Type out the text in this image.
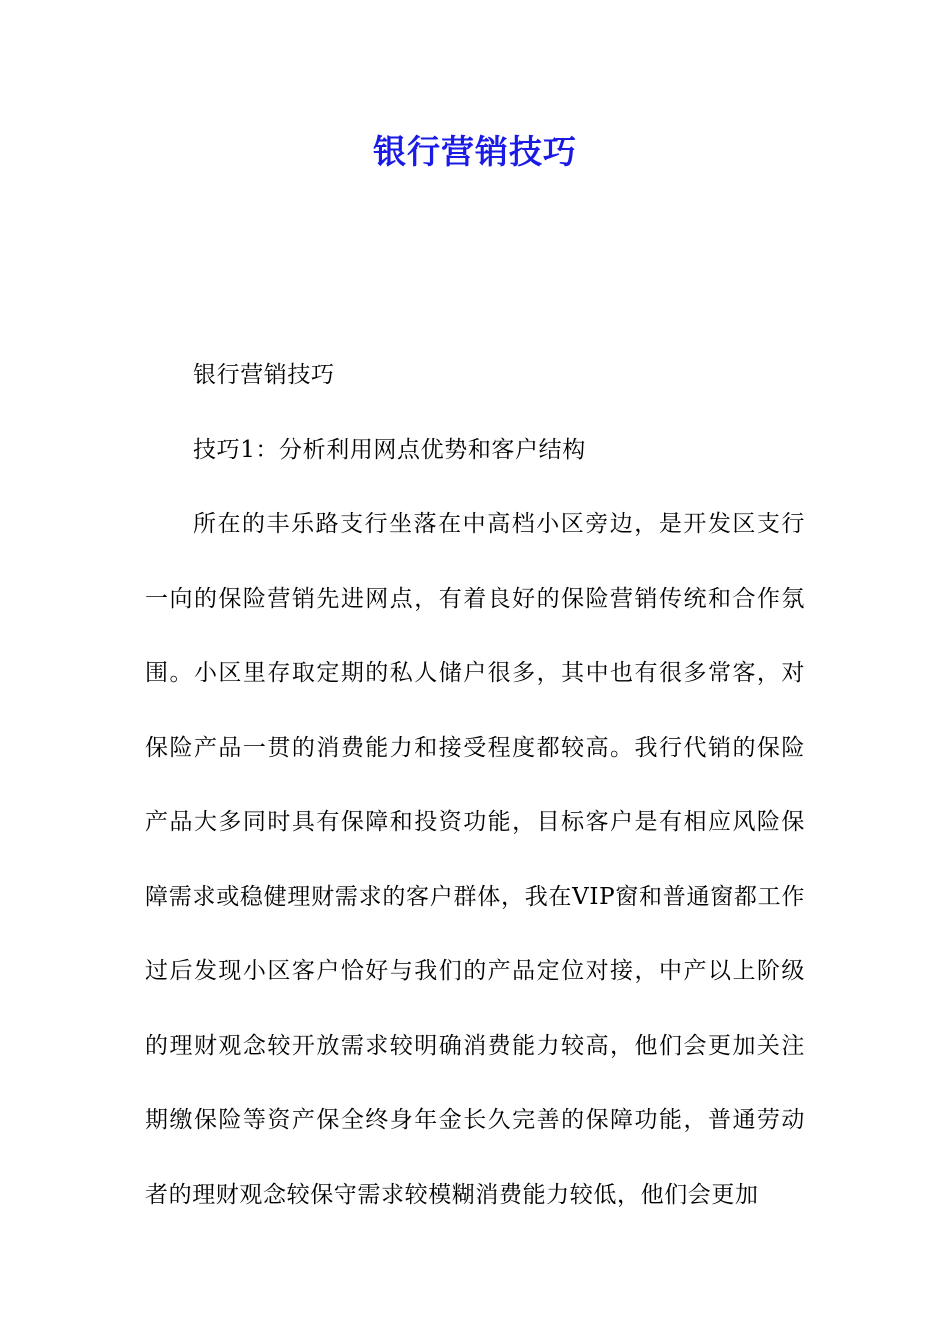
银行营销技巧

银行营销技巧

技巧1：分析利用网点优势和客户结构

所在的丰乐路支行坐落在中高档小区旁边，是开发区支行一向的保险营销先进网点，有着良好的保险营销传统和合作氛围。小区里存取定期的私人储户很多，其中也有很多常客，对保险产品一贯的消费能力和接受程度都较高。我行代销的保险产品大多同时具有保障和投资功能，目标客户是有相应风险保障需求或稳健理财需求的客户群体，我在VIP窗和普通窗都工作过后发现小区客户恰好与我们的产品定位对接，中产以上阶级的理财观念较开放需求较明确消费能力较高，他们会更加关注期缴保险等资产保全终身年金长久完善的保障功能，普通劳动者的理财观念较保守需求较模糊消费能力较低，他们会更加
